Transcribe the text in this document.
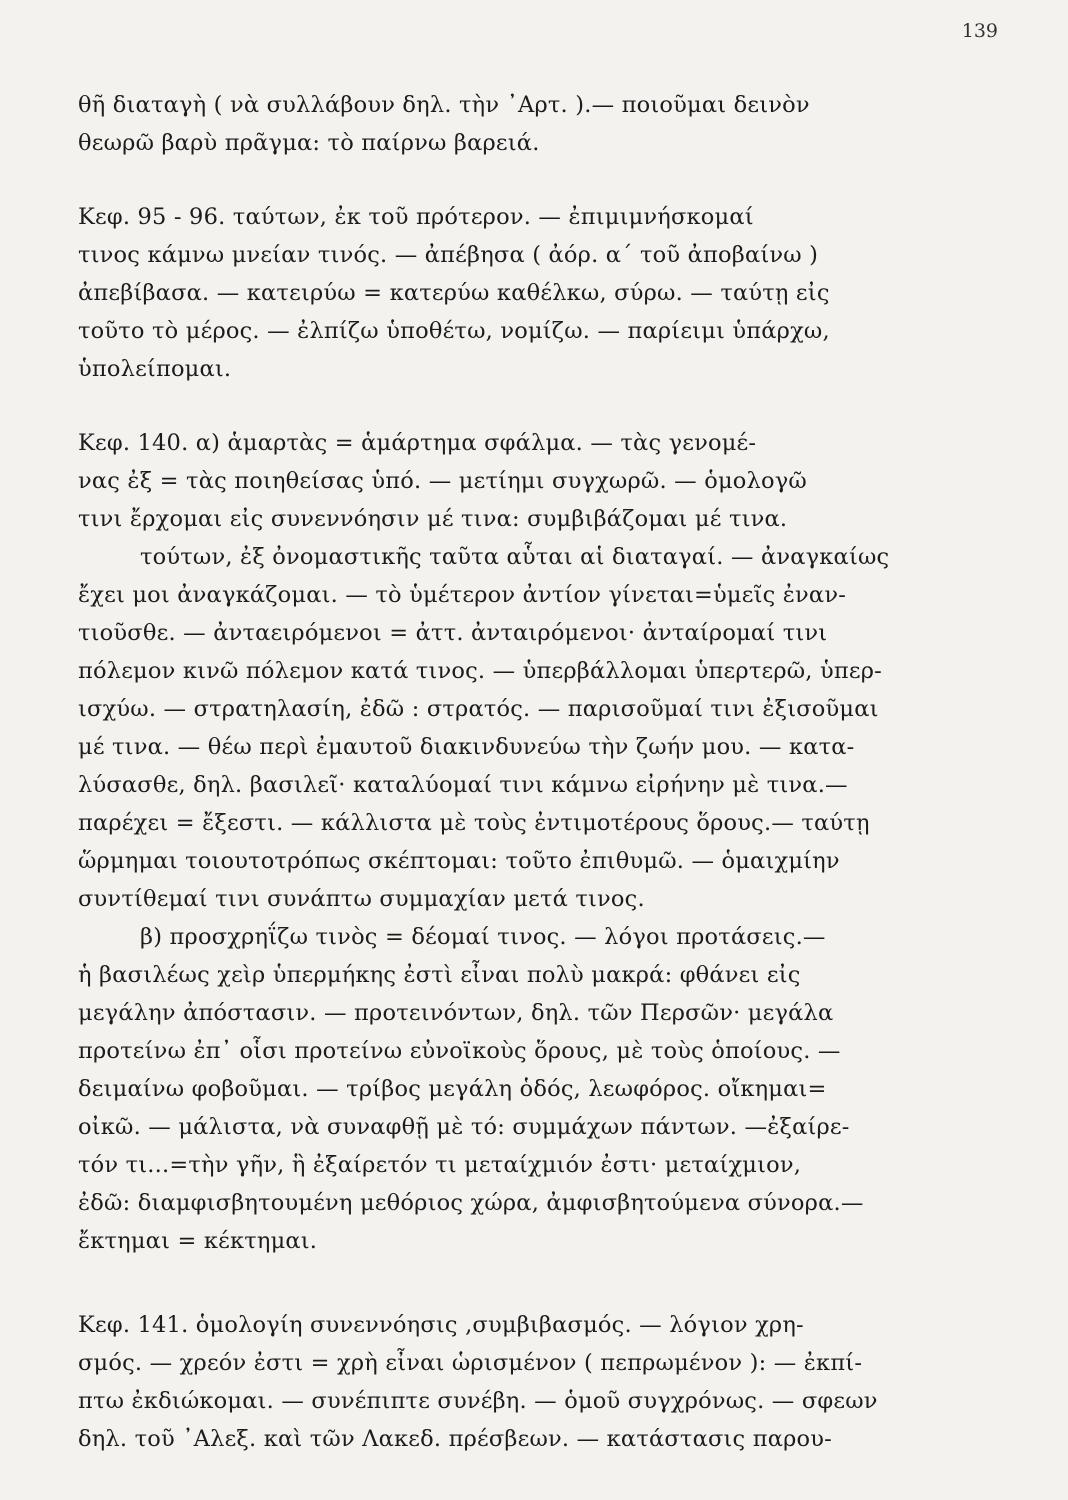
139
θῆ διαταγὴ ( νὰ συλλάβουν δηλ. τὴν ᾿Αρτ. ).— ποιοῦμαι δεινὸν
θεωρῶ βαρὺ πρᾶγμα: τὸ παίρνω βαρειά.
Κεφ. 95 - 96. ταύτων, ἐκ τοῦ πρότερον. — ἐπιμιμνήσκομαί
τινος κάμνω μνείαν τινός. — ἀπέβησα ( ἀόρ. α΄ τοῦ ἀποβαίνω )
ἀπεβίβασα. — κατειρύω = κατερύω καθέλκω, σύρω. — ταύτῃ εἰς
τοῦτο τὸ μέρος. — ἐλπίζω ὑποθέτω, νομίζω. — παρίειμι ὑπάρχω,
ὑπολείπομαι.
Κεφ. 140. α) ἁμαρτὰς = ἁμάρτημα σφάλμα. — τὰς γενομέ-
νας ἐξ = τὰς ποιηθείσας ὑπό. — μετίημι συγχωρῶ. — ὁμολογῶ
τινι ἔρχομαι εἰς συνεννόησιν μέ τινα: συμβιβάζομαι μέ τινα.
τούτων, ἐξ ὀνομαστικῆς ταῦτα αὗται αἱ διαταγαί. — ἀναγκαίως
ἔχει μοι ἀναγκάζομαι. — τὸ ὑμέτερον ἀντίον γίνεται=ὑμεῖς ἐναν-
τιοῦσθε. — ἀνταειρόμενοι = ἀττ. ἀνταιρόμενοι· ἀνταίρομαί τινι
πόλεμον κινῶ πόλεμον κατά τινος. — ὑπερβάλλομαι ὑπερτερῶ, ὑπερ-
ισχύω. — στρατηλασίη, ἐδῶ : στρατός. — παρισοῦμαί τινι ἐξισοῦμαι
μέ τινα. — θέω περὶ ἐμαυτοῦ διακινδυνεύω τὴν ζωήν μου. — κατα-
λύσασθε, δηλ. βασιλεῖ· καταλύομαί τινι κάμνω εἰρήνην μὲ τινα.—
παρέχει = ἔξεστι. — κάλλιστα μὲ τοὺς ἐντιμοτέρους ὅρους.— ταύτῃ
ὥρμημαι τοιουτοτρόπως σκέπτομαι: τοῦτο ἐπιθυμῶ. — ὁμαιχμίην
συντίθεμαί τινι συνάπτω συμμαχίαν μετά τινος.
β) προσχρηΐζω τινὸς = δέομαί τινος. — λόγοι προτάσεις.—
ἡ βασιλέως χεὶρ ὑπερμήκης ἐστὶ εἶναι πολὺ μακρά: φθάνει εἰς
μεγάλην ἀπόστασιν. — προτεινόντων, δηλ. τῶν Περσῶν· μεγάλα
προτείνω ἐπ᾽ οἷσι προτείνω εὐνοϊκοὺς ὅρους, μὲ τοὺς ὁποίους. —
δειμαίνω φοβοῦμαι. — τρίβος μεγάλη ὁδός, λεωφόρος. οἴκημαι=
οἰκῶ. — μάλιστα, νὰ συναφθῇ μὲ τό: συμμάχων πάντων. —ἐξαίρε-
τόν τι...=τὴν γῆν, ἣ ἐξαίρετόν τι μεταίχμιόν ἐστι· μεταίχμιον,
ἐδῶ: διαμφισβητουμένη μεθόριος χώρα, ἀμφισβητούμενα σύνορα.—
ἔκτημαι = κέκτημαι.
Κεφ. 141. ὁμολογίη συνεννόησις ,συμβιβασμός. — λόγιον χρη-
σμός. — χρεόν ἐστι = χρὴ εἶναι ὡρισμένον ( πεπρωμένον ): — ἐκπί-
πτω ἐκδιώκομαι. — συνέπιπτε συνέβη. — ὁμοῦ συγχρόνως. — σφεων
δηλ. τοῦ ᾿Αλεξ. καὶ τῶν Λακεδ. πρέσβεων. — κατάστασις παρου-
